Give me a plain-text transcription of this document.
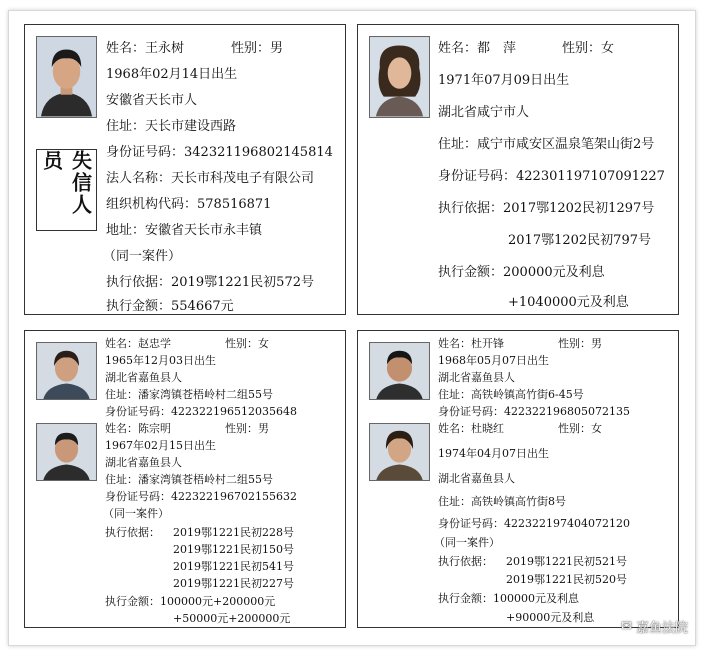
失信人员
姓名：王永树	性别：男
1968年02月14日出生
安徽省天长市人
住址：天长市建设西路
身份证号码：342321196802145814
法人名称：天长市科茂电子有限公司
组织机构代码：578516871
地址：安徽省天长市永丰镇
（同一案件）
执行依据：2019鄂1221民初572号
执行金额：554667元
姓名：都　萍	性别：女
1971年07月09日出生
湖北省咸宁市人
住址：咸宁市咸安区温泉笔架山街2号
身份证号码：422301197107091227
执行依据：2017鄂1202民初1297号
2017鄂1202民初797号
执行金额：200000元及利息
+1040000元及利息
姓名：赵忠学	性别：女
1965年12月03日出生
湖北省嘉鱼县人
住址：潘家湾镇苍梧岭村二组55号
身份证号码：422322196512035648
姓名：陈宗明	性别：男
1967年02月15日出生
湖北省嘉鱼县人
住址：潘家湾镇苍梧岭村二组55号
身份证号码：422322196702155632
（同一案件）
执行依据： 2019鄂1221民初228号
2019鄂1221民初150号
2019鄂1221民初541号
2019鄂1221民初227号
执行金额：100000元+200000元
+50000元+200000元
姓名：杜开锋	性别：男
1968年05月07日出生
湖北省嘉鱼县人
住址：高铁岭镇高竹街6-45号
身份证号码：422322196805072135
姓名：杜晓红	性别：女
1974年04月07日出生
湖北省嘉鱼县人
住址：高铁岭镇高竹街8号
身份证号码：422322197404072120
（同一案件）
执行依据： 2019鄂1221民初521号
2019鄂1221民初520号
执行金额：100000元及利息
+90000元及利息
✉ 嘉鱼法院
